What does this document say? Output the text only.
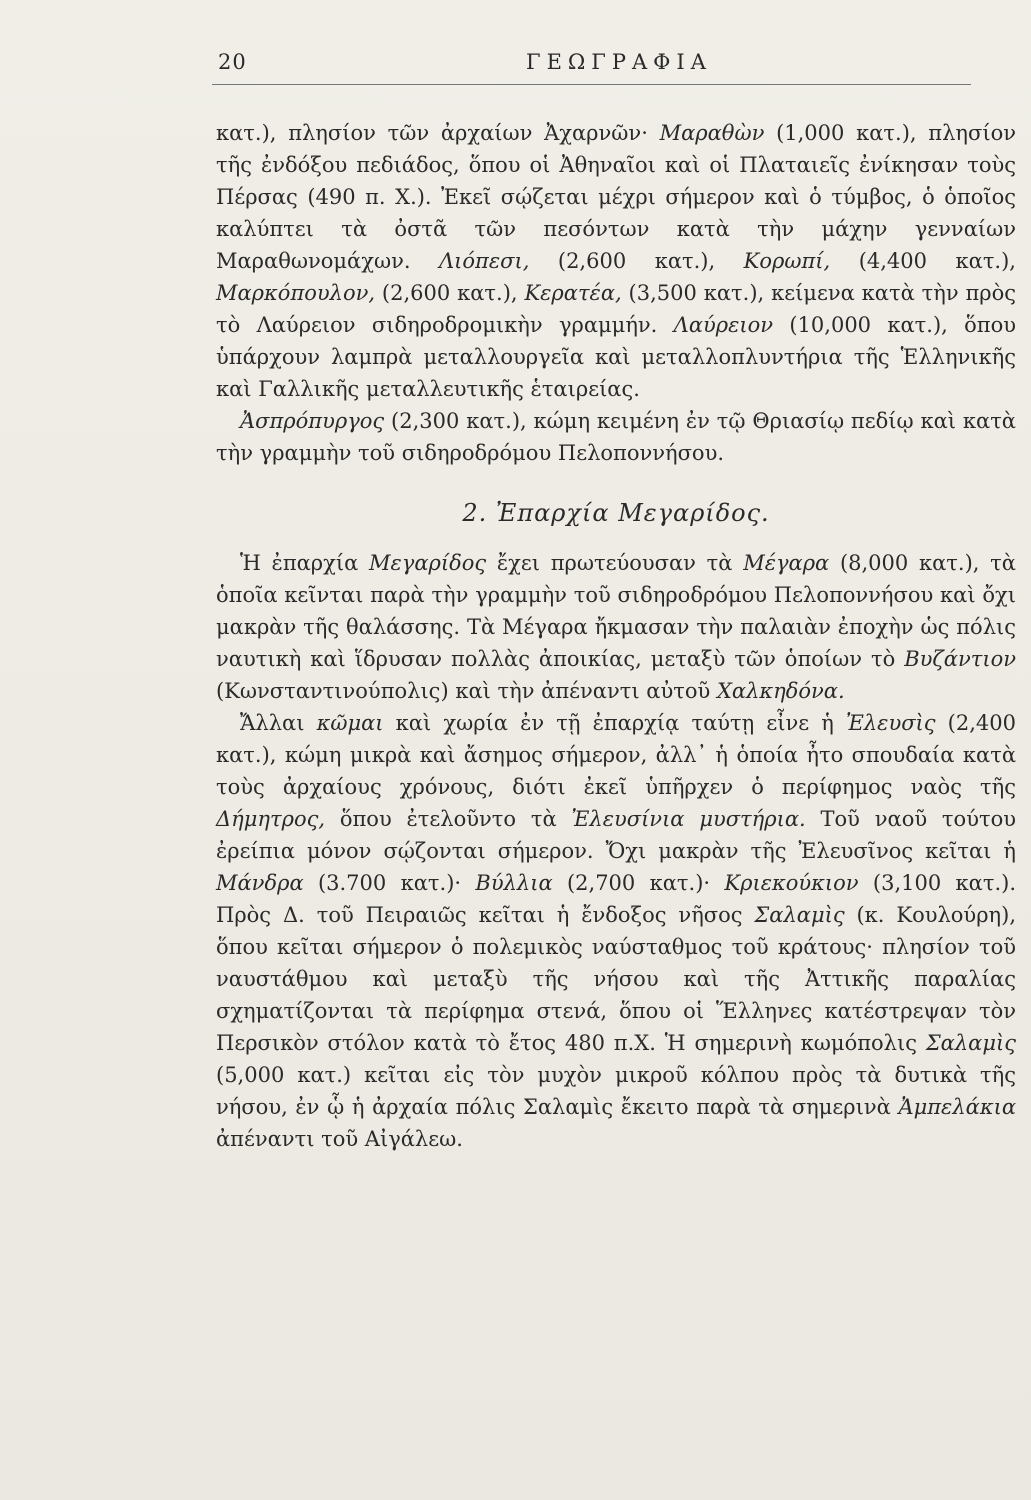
20	ΓΕΩΓΡΑΦΙΑ

κατ.), πλησίον τῶν ἀρχαίων Ἀχαρνῶν· Μαραθὼν (1,000 κατ.), πλησίον τῆς ἐνδόξου πεδιάδος, ὅπου οἱ Ἀθηναῖοι καὶ οἱ Πλαταιεῖς ἐνίκησαν τοὺς Πέρσας (490 π. Χ.). Ἐκεῖ σῴζεται μέχρι σήμερον καὶ ὁ τύμβος, ὁ ὁποῖος καλύπτει τὰ ὀστᾶ τῶν πεσόντων κατὰ τὴν μάχην γενναίων Μαραθωνομάχων. Λιόπεσι, (2,600 κατ.), Κορωπί, (4,400 κατ.), Μαρκόπουλον, (2,600 κατ.), Κερατέα, (3,500 κατ.), κείμενα κατὰ τὴν πρὸς τὸ Λαύρειον σιδηροδρομικὴν γραμμήν. Λαύρειον (10,000 κατ.), ὅπου ὑπάρχουν λαμπρὰ μεταλλουργεῖα καὶ μεταλλοπλυντήρια τῆς Ἑλληνικῆς καὶ Γαλλικῆς μεταλλευτικῆς ἑταιρείας.

Ἀσπρόπυργος (2,300 κατ.), κώμη κειμένη ἐν τῷ Θριασίῳ πεδίῳ καὶ κατὰ τὴν γραμμὴν τοῦ σιδηροδρόμου Πελοποννήσου.

2. Ἐπαρχία Μεγαρίδος.

Ἡ ἐπαρχία Μεγαρίδος ἔχει πρωτεύουσαν τὰ Μέγαρα (8,000 κατ.), τὰ ὁποῖα κεῖνται παρὰ τὴν γραμμὴν τοῦ σιδηροδρόμου Πελοποννήσου καὶ ὄχι μακρὰν τῆς θαλάσσης. Τὰ Μέγαρα ἤκμασαν τὴν παλαιὰν ἐποχὴν ὡς πόλις ναυτικὴ καὶ ἵδρυσαν πολλὰς ἀποικίας, μεταξὺ τῶν ὁποίων τὸ Βυζάντιον (Κωνσταντινούπολις) καὶ τὴν ἀπέναντι αὐτοῦ Χαλκηδόνα.

Ἄλλαι κῶμαι καὶ χωρία ἐν τῇ ἐπαρχίᾳ ταύτῃ εἶνε ἡ Ἐλευσὶς (2,400 κατ.), κώμη μικρὰ καὶ ἄσημος σήμερον, ἀλλ᾽ ἡ ὁποία ἦτο σπουδαία κατὰ τοὺς ἀρχαίους χρόνους, διότι ἐκεῖ ὑπῆρχεν ὁ περίφημος ναὸς τῆς Δήμητρος, ὅπου ἐτελοῦντο τὰ Ἐλευσίνια μυστήρια. Τοῦ ναοῦ τούτου ἐρείπια μόνον σῴζονται σήμερον. Ὄχι μακρὰν τῆς Ἐλευσῖνος κεῖται ἡ Μάνδρα (3.700 κατ.)· Βύλλια (2,700 κατ.)· Κριεκούκιον (3,100 κατ.). Πρὸς Δ. τοῦ Πειραιῶς κεῖται ἡ ἔνδοξος νῆσος Σαλαμὶς (κ. Κουλούρη), ὅπου κεῖται σήμερον ὁ πολεμικὸς ναύσταθμος τοῦ κράτους· πλησίον τοῦ ναυστάθμου καὶ μεταξὺ τῆς νήσου καὶ τῆς Ἀττικῆς παραλίας σχηματίζονται τὰ περίφημα στενά, ὅπου οἱ Ἕλληνες κατέστρεψαν τὸν Περσικὸν στόλον κατὰ τὸ ἔτος 480 π.Χ. Ἡ σημερινὴ κωμόπολις Σαλαμὶς (5,000 κατ.) κεῖται εἰς τὸν μυχὸν μικροῦ κόλπου πρὸς τὰ δυτικὰ τῆς νήσου, ἐν ᾧ ἡ ἀρχαία πόλις Σαλαμὶς ἔκειτο παρὰ τὰ σημερινὰ Ἀμπελάκια ἀπέναντι τοῦ Αἰγάλεω.
